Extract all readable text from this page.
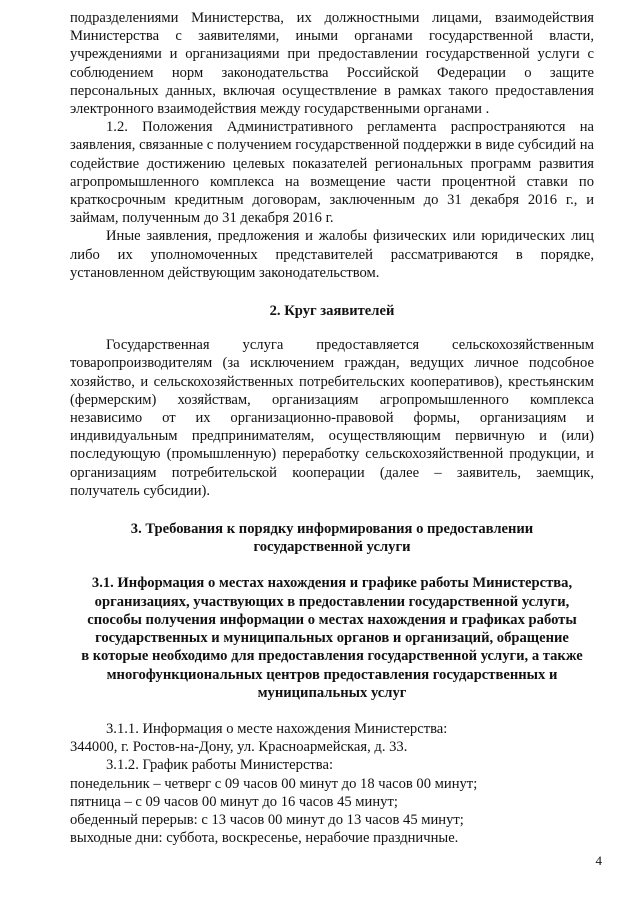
подразделениями Министерства, их должностными лицами, взаимодействия Министерства с заявителями, иными органами государственной власти, учреждениями и организациями при предоставлении государственной услуги с соблюдением норм законодательства Российской Федерации о защите персональных данных, включая осуществление в рамках такого предоставления электронного взаимодействия между государственными органами .

1.2. Положения Административного регламента распространяются на заявления, связанные с получением государственной поддержки в виде субсидий на содействие достижению целевых показателей региональных программ развития агропромышленного комплекса на возмещение части процентной ставки по краткосрочным кредитным договорам, заключенным до 31 декабря 2016 г., и займам, полученным до 31 декабря 2016 г.

Иные заявления, предложения и жалобы физических или юридических лиц либо их уполномоченных представителей рассматриваются в порядке, установленном действующим законодательством.

2. Круг заявителей

Государственная услуга предоставляется сельскохозяйственным товаропроизводителям (за исключением граждан, ведущих личное подсобное хозяйство, и сельскохозяйственных потребительских кооперативов), крестьянским (фермерским) хозяйствам, организациям агропромышленного комплекса независимо от их организационно-правовой формы, организациям и индивидуальным предпринимателям, осуществляющим первичную и (или) последующую (промышленную) переработку сельскохозяйственной продукции, и организациям потребительской кооперации (далее – заявитель, заемщик, получатель субсидии).

3. Требования к порядку информирования о предоставлении
государственной услуги
3.1. Информация о местах нахождения и графике работы Министерства,
организациях, участвующих в предоставлении государственной услуги,
способы получения информации о местах нахождения и графиках работы
государственных и муниципальных органов и организаций, обращение
в которые необходимо для предоставления государственной услуги, а также
многофункциональных центров предоставления государственных и
муниципальных услуг

3.1.1. Информация о месте нахождения Министерства:

344000, г. Ростов-на-Дону, ул. Красноармейская, д. 33.

3.1.2. График работы Министерства:

понедельник – четверг с 09 часов 00 минут до 18 часов 00 минут;

пятница – с 09 часов 00 минут до 16 часов 45 минут;

обеденный перерыв: с 13 часов 00 минут до 13 часов 45 минут;

выходные дни: суббота, воскресенье, нерабочие праздничные.

4
